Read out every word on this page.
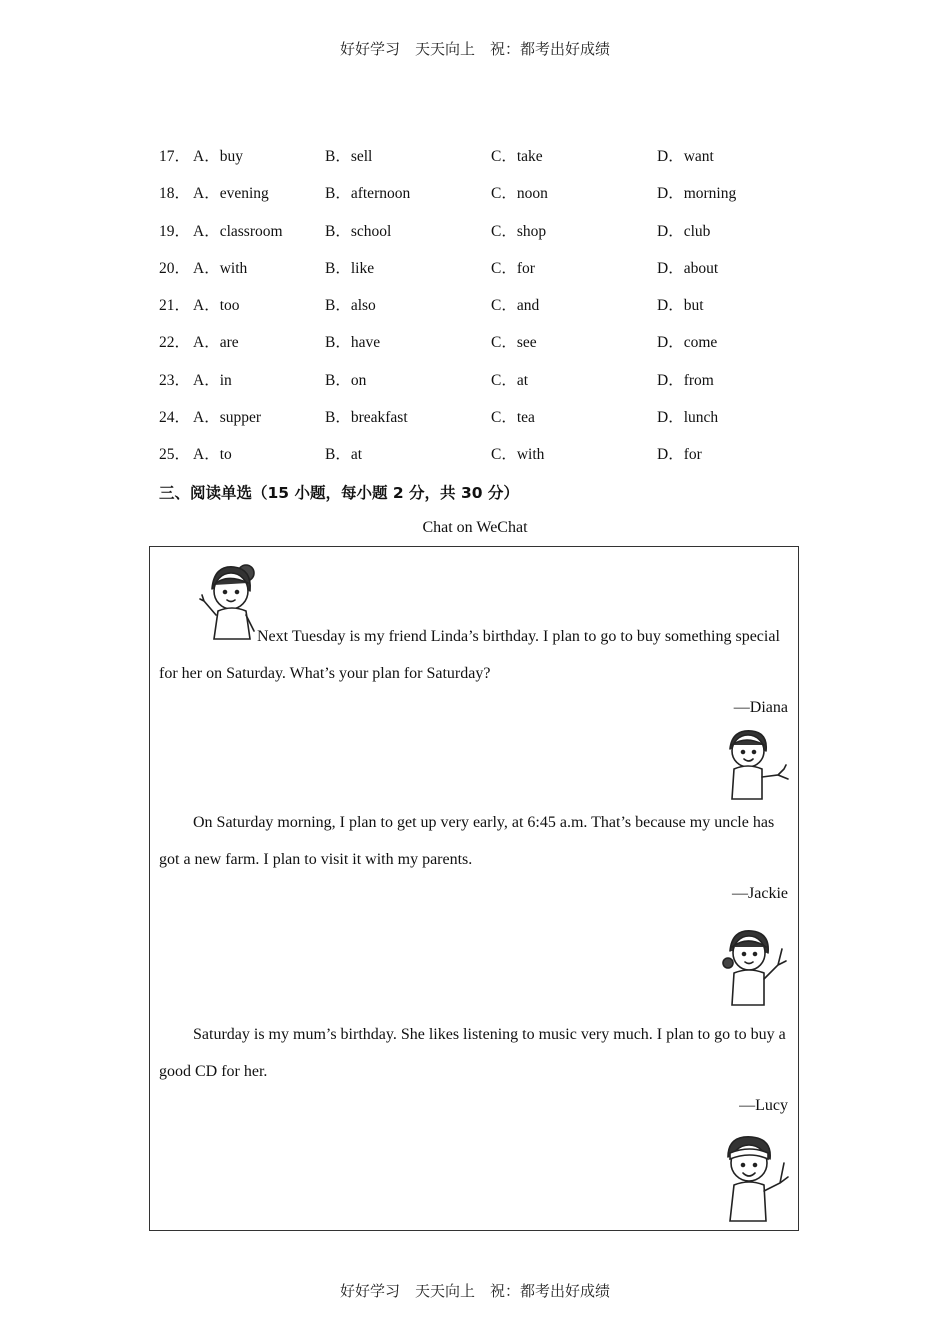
好好学习　天天向上　祝：都考出好成绩
17． A．buy	B．sell	C．take	D．want
18． A．evening	B．afternoon	C．noon	D．morning
19． A．classroom	B．school	C．shop	D．club
20． A．with	B．like	C．for	D．about
21． A．too	B．also	C．and	D．but
22． A．are	B．have	C．see	D．come
23． A．in	B．on	C．at	D．from
24． A．supper	B．breakfast	C．tea	D．lunch
25． A．to	B．at	C．with	D．for
三、阅读单选（15 小题，每小题 2 分，共 30 分）
Chat on WeChat
Next Tuesday is my friend Linda’s birthday. I plan to go to buy something special for her on Saturday. What’s your plan for Saturday?
—Diana
On Saturday morning, I plan to get up very early, at 6:45 a.m. That’s because my uncle has got a new farm. I plan to visit it with my parents.
—Jackie
Saturday is my mum’s birthday. She likes listening to music very much. I plan to go to buy a good CD for her.
—Lucy
好好学习　天天向上　祝：都考出好成绩
